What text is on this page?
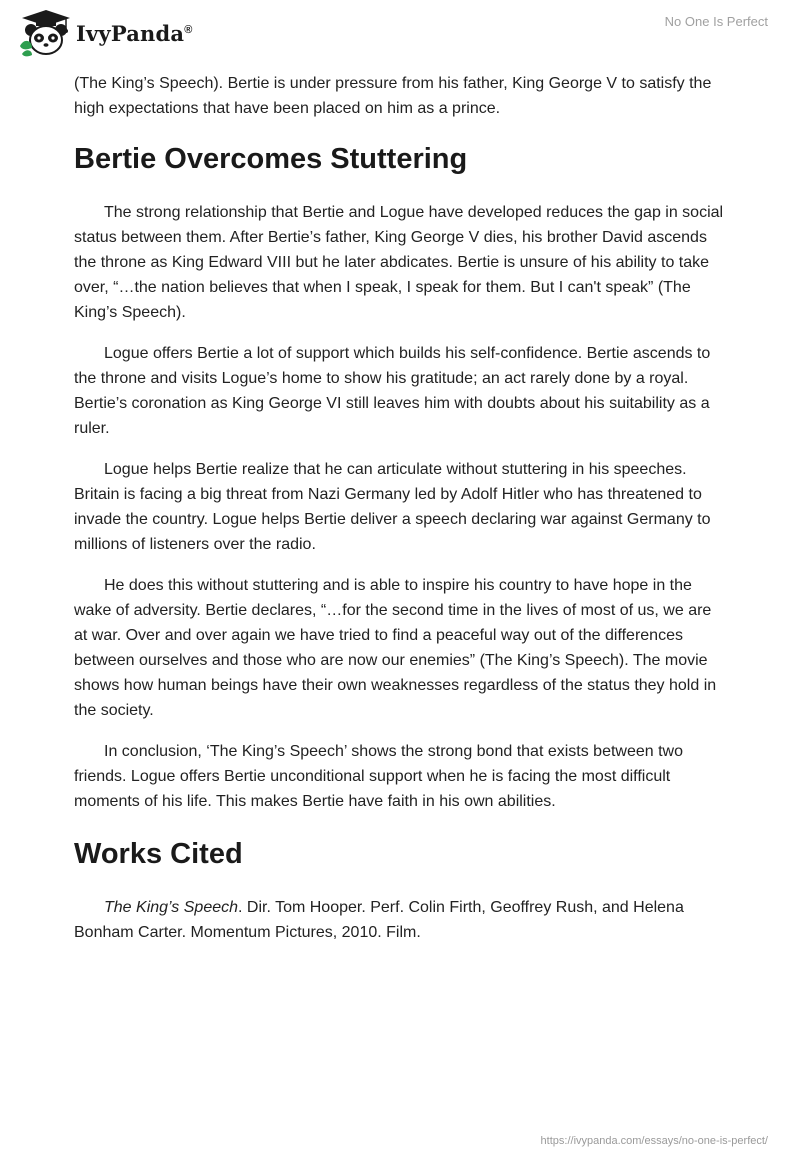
IvyPanda®
No One Is Perfect

(The King’s Speech). Bertie is under pressure from his father, King George V to satisfy the high expectations that have been placed on him as a prince.

Bertie Overcomes Stuttering

The strong relationship that Bertie and Logue have developed reduces the gap in social status between them. After Bertie’s father, King George V dies, his brother David ascends the throne as King Edward VIII but he later abdicates. Bertie is unsure of his ability to take over, “…the nation believes that when I speak, I speak for them. But I can't speak” (The King’s Speech).

Logue offers Bertie a lot of support which builds his self-confidence. Bertie ascends to the throne and visits Logue’s home to show his gratitude; an act rarely done by a royal. Bertie’s coronation as King George VI still leaves him with doubts about his suitability as a ruler.

Logue helps Bertie realize that he can articulate without stuttering in his speeches. Britain is facing a big threat from Nazi Germany led by Adolf Hitler who has threatened to invade the country. Logue helps Bertie deliver a speech declaring war against Germany to millions of listeners over the radio.

He does this without stuttering and is able to inspire his country to have hope in the wake of adversity. Bertie declares, “…for the second time in the lives of most of us, we are at war. Over and over again we have tried to find a peaceful way out of the differences between ourselves and those who are now our enemies” (The King’s Speech). The movie shows how human beings have their own weaknesses regardless of the status they hold in the society.

In conclusion, ‘The King’s Speech’ shows the strong bond that exists between two friends. Logue offers Bertie unconditional support when he is facing the most difficult moments of his life. This makes Bertie have faith in his own abilities.

Works Cited

The King’s Speech. Dir. Tom Hooper. Perf. Colin Firth, Geoffrey Rush, and Helena Bonham Carter. Momentum Pictures, 2010. Film.

https://ivypanda.com/essays/no-one-is-perfect/
